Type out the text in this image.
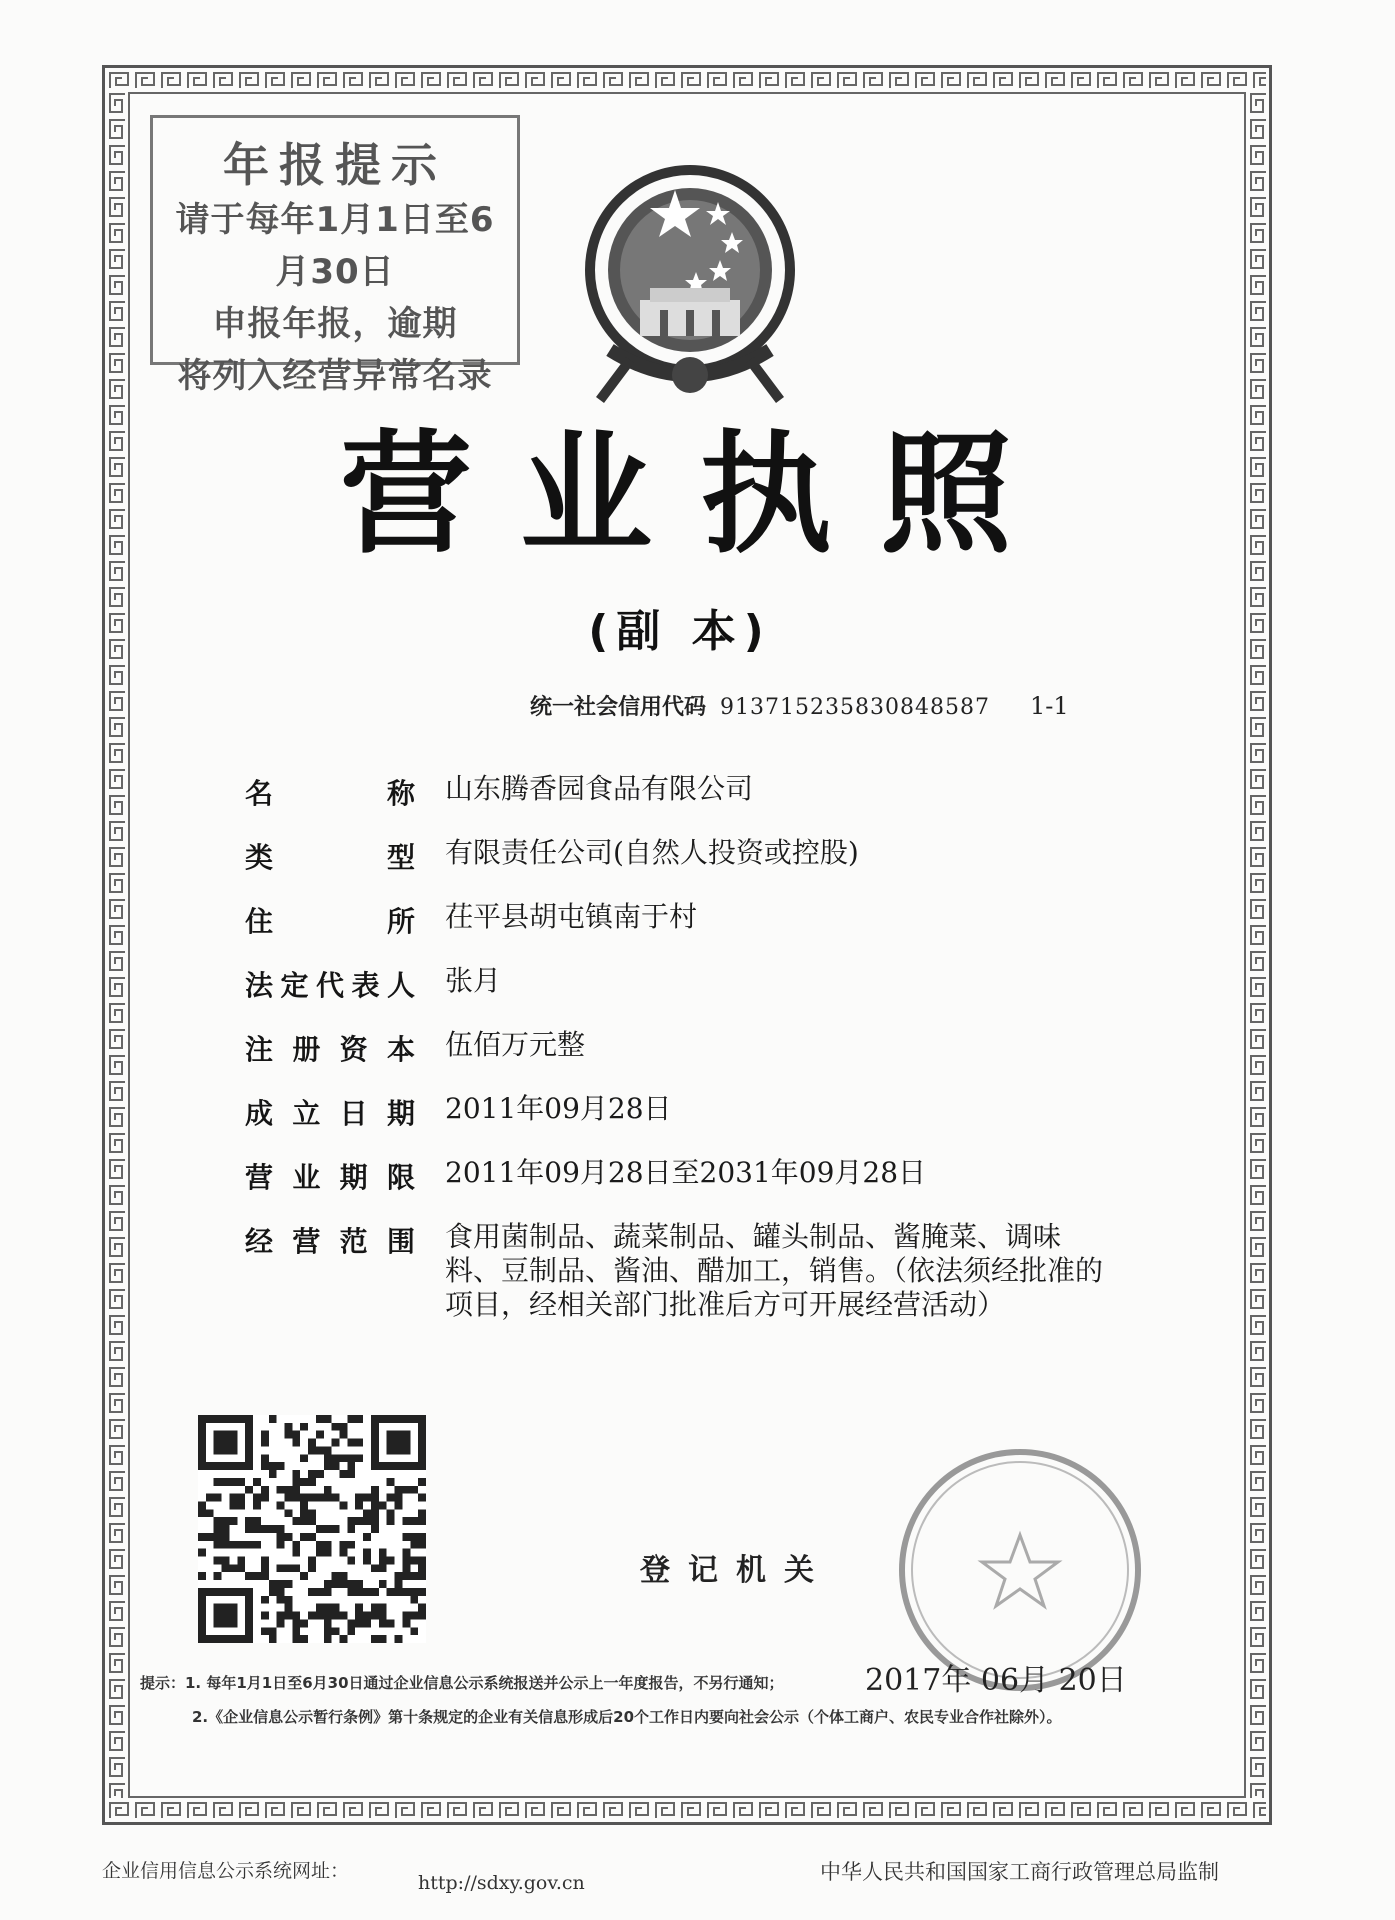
年报提示
请于每年1月1日至6月30日
申报年报，逾期
将列入经营异常名录
营业执照
(副 本)
统一社会信用代码 91371523583084858​7 1-1
名称 山东腾香园食品有限公司
类型 有限责任公司(自然人投资或控股)
住所 茌平县胡屯镇南于村
法定代表人 张月
注册资本 伍佰万元整
成立日期 2011年09月28日
营业期限 2011年09月28日至2031年09月28日
经营范围 食用菌制品、蔬菜制品、罐头制品、酱腌菜、调味料、豆制品、酱油、醋加工，销售。（依法须经批准的项目，经相关部门批准后方可开展经营活动）
登记机关
2017年 06月 20日
提示：1. 每年1月1日至6月30日通过企业信息公示系统报送并公示上一年度报告，不另行通知；
2.《企业信息公示暂行条例》第十条规定的企业有关信息形成后20个工作日内要向社会公示（个体工商户、农民专业合作社除外）。
企业信用信息公示系统网址：
http://sdxy.gov.cn	中华人民共和国国家工商行政管理总局监制
